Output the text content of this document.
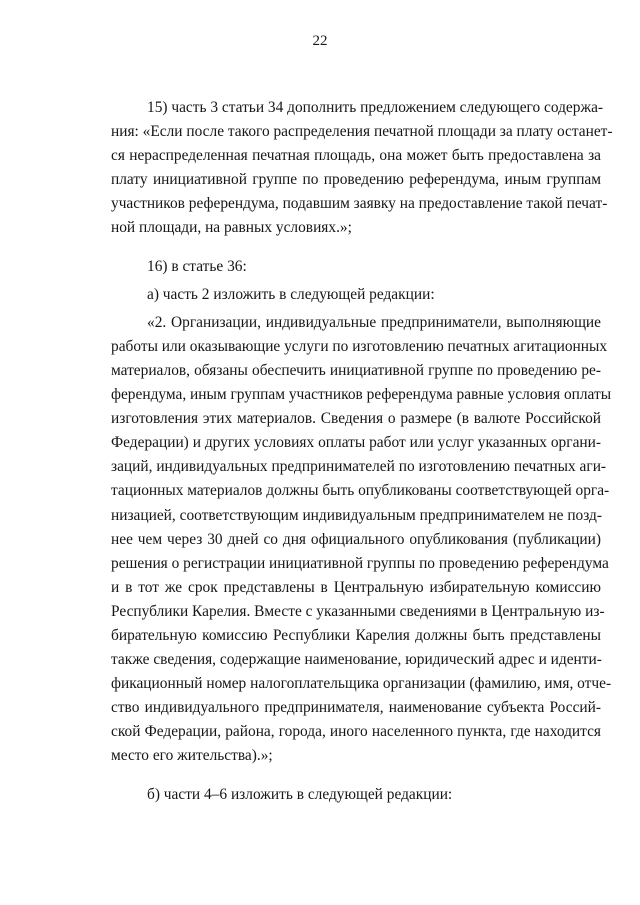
22
15) часть 3 статьи 34 дополнить предложением следующего содержа-
ния: «Если после такого распределения печатной площади за плату останет-
ся нераспределенная печатная площадь, она может быть предоставлена за
плату инициативной группе по проведению референдума, иным группам
участников референдума, подавшим заявку на предоставление такой печат-
ной площади, на равных условиях.»;
16) в статье 36:
а) часть 2 изложить в следующей редакции:
«2. Организации, индивидуальные предприниматели, выполняющие
работы или оказывающие услуги по изготовлению печатных агитационных
материалов, обязаны обеспечить инициативной группе по проведению ре-
ферендума, иным группам участников референдума равные условия оплаты
изготовления этих материалов. Сведения о размере (в валюте Российской
Федерации) и других условиях оплаты работ или услуг указанных органи-
заций, индивидуальных предпринимателей по изготовлению печатных аги-
тационных материалов должны быть опубликованы соответствующей орга-
низацией, соответствующим индивидуальным предпринимателем не позд-
нее чем через 30 дней со дня официального опубликования (публикации)
решения о регистрации инициативной группы по проведению референдума
и в тот же срок представлены в Центральную избирательную комиссию
Республики Карелия. Вместе с указанными сведениями в Центральную из-
бирательную комиссию Республики Карелия должны быть представлены
также сведения, содержащие наименование, юридический адрес и иденти-
фикационный номер налогоплательщика организации (фамилию, имя, отче-
ство индивидуального предпринимателя, наименование субъекта Россий-
ской Федерации, района, города, иного населенного пункта, где находится
место его жительства).»;
б) части 4–6 изложить в следующей редакции:
